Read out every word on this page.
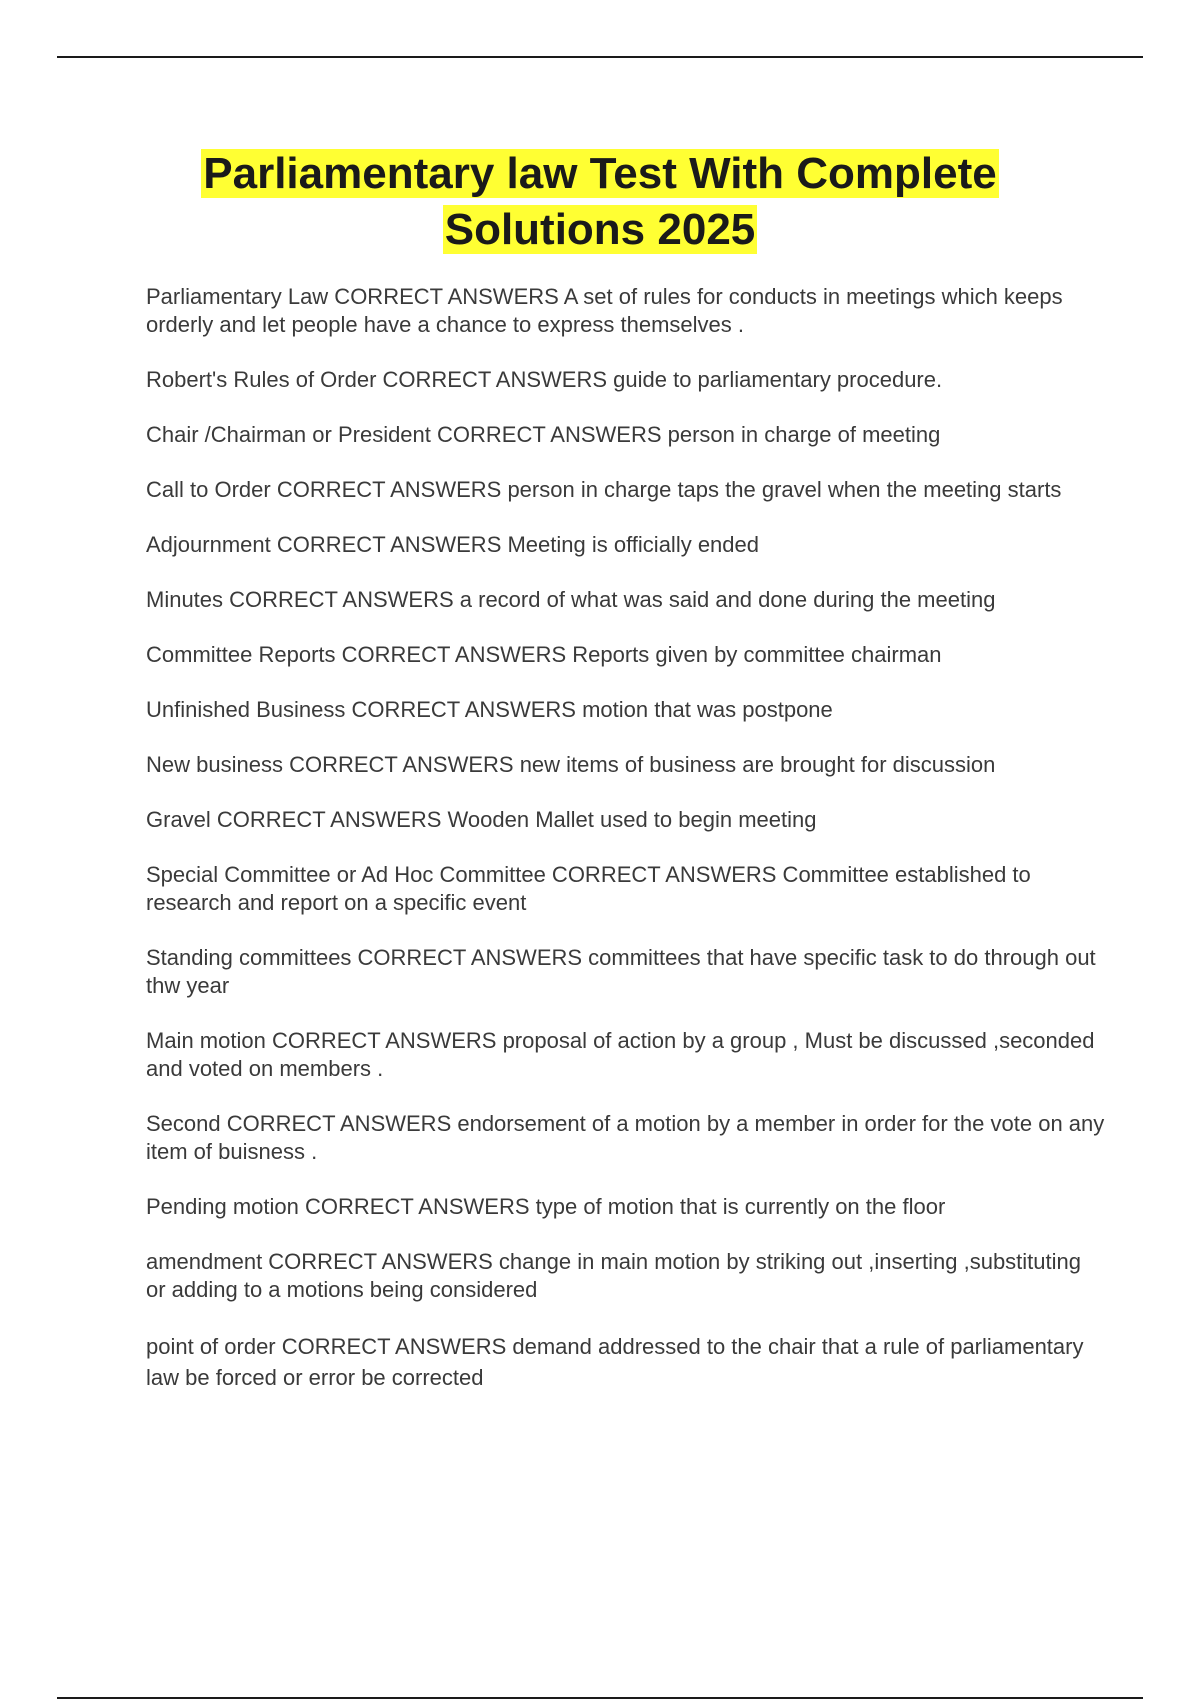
Parliamentary law Test With Complete Solutions 2025
Parliamentary Law CORRECT ANSWERS A set of rules for conducts in meetings which keeps orderly and let people have a chance to express themselves .
Robert's Rules of Order CORRECT ANSWERS guide to parliamentary procedure.
Chair /Chairman or President CORRECT ANSWERS person in charge of meeting
Call to Order CORRECT ANSWERS person in charge taps the gravel when the meeting starts
Adjournment CORRECT ANSWERS Meeting is officially ended
Minutes CORRECT ANSWERS a record of what was said and done during the meeting
Committee Reports CORRECT ANSWERS Reports given by committee chairman
Unfinished Business CORRECT ANSWERS motion that was postpone
New business CORRECT ANSWERS new items of business are brought for discussion
Gravel CORRECT ANSWERS Wooden Mallet used to begin meeting
Special Committee or Ad Hoc Committee CORRECT ANSWERS Committee established to research and report on a specific event
Standing committees CORRECT ANSWERS committees that have specific task to do through out thw year
Main motion CORRECT ANSWERS proposal of action by a group , Must be discussed ,seconded and voted on members .
Second CORRECT ANSWERS endorsement of a motion by a member in order for the vote on any item of buisness .
Pending motion CORRECT ANSWERS type of motion that is currently on the floor
amendment CORRECT ANSWERS change in main motion by striking out ,inserting ,substituting or adding to a motions being considered
point of order CORRECT ANSWERS demand addressed to the chair that a rule of parliamentary law be forced or error be corrected
